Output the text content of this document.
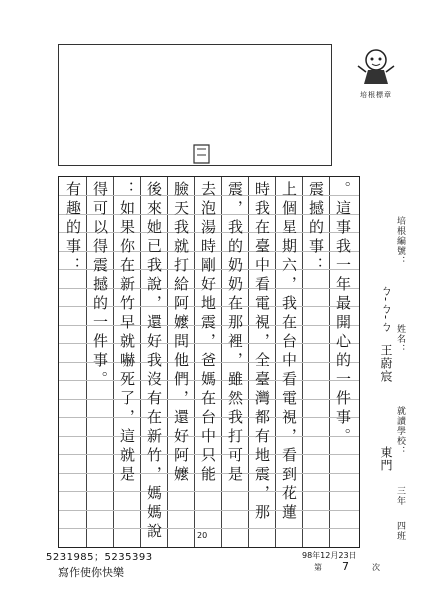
培根標章
。這事我一年最開心的一件事。
震撼的事：
上個星期六，我在台中看電視，看到花蓮
時我在臺中看電視，全臺灣都有地震，那
震，我的奶奶在那裡，雖然我打可是
去泡湯時剛好地震，爸媽在台中只能
臉天我就打給阿嬤問他們，還好阿嬤
後來她已我說，還好我沒有在新竹，媽媽說
：如果你在新竹早就嚇死了，這就是
得可以得震撼的一件事。
有趣的事：
20
培根編號：
ㄅ-ㄅ-ㄅ
姓名：
王蔚宸
就讀學校：
東門
三年
四班
5231985；5235393
寫作使你快樂
98年12月23日
第 7	次
